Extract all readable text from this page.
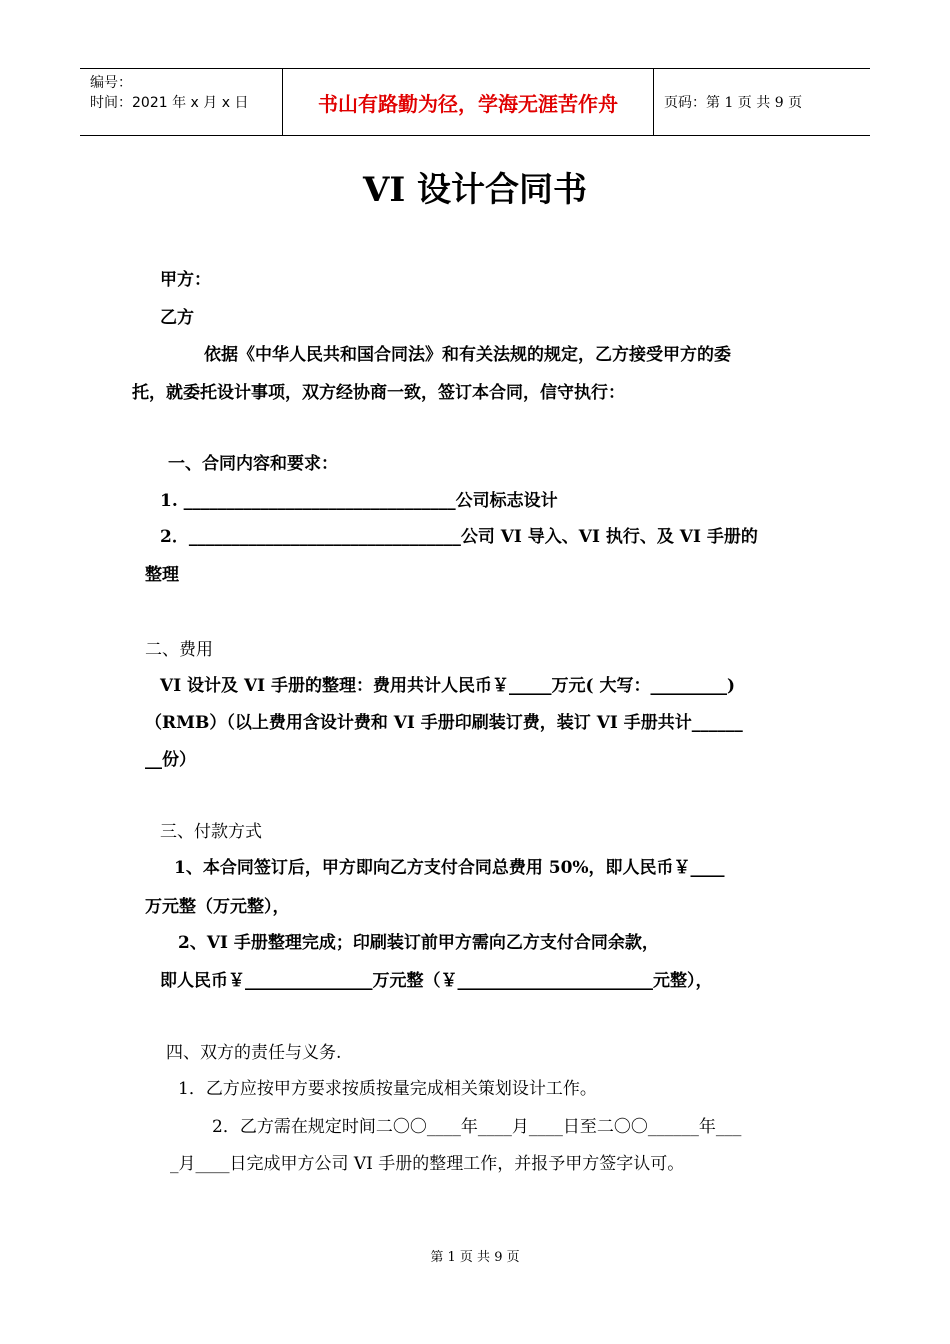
编号：
时间：2021 年 x 月 x 日	书山有路勤为径，学海无涯苦作舟	页码：第 1 页 共 9 页
VI 设计合同书
甲方：
乙方
依据《中华人民共和国合同法》和有关法规的规定，乙方接受甲方的委
托，就委托设计事项，双方经协商一致，签订本合同，信守执行：
一、合同内容和要求：
1. ________________________________公司标志设计
2．________________________________公司 VI 导入、VI 执行、及 VI 手册的
整理
二、费用
VI 设计及 VI 手册的整理：费用共计人民币￥_____万元( 大写：_________)
（RMB）（以上费用含设计费和 VI 手册印刷装订费，装订 VI 手册共计______
__份）
三、付款方式
1、本合同签订后，甲方即向乙方支付合同总费用 50%，即人民币￥____
万元整（万元整），
2、VI 手册整理完成；印刷装订前甲方需向乙方支付合同余款，
即人民币￥_______________万元整（￥_______________________元整），
四、双方的责任与义务.
1．乙方应按甲方要求按质按量完成相关策划设计工作。
2．乙方需在规定时间二〇〇____年____月____日至二〇〇______年___
_月____日完成甲方公司 VI 手册的整理工作，并报予甲方签字认可。
第 1 页 共 9 页
